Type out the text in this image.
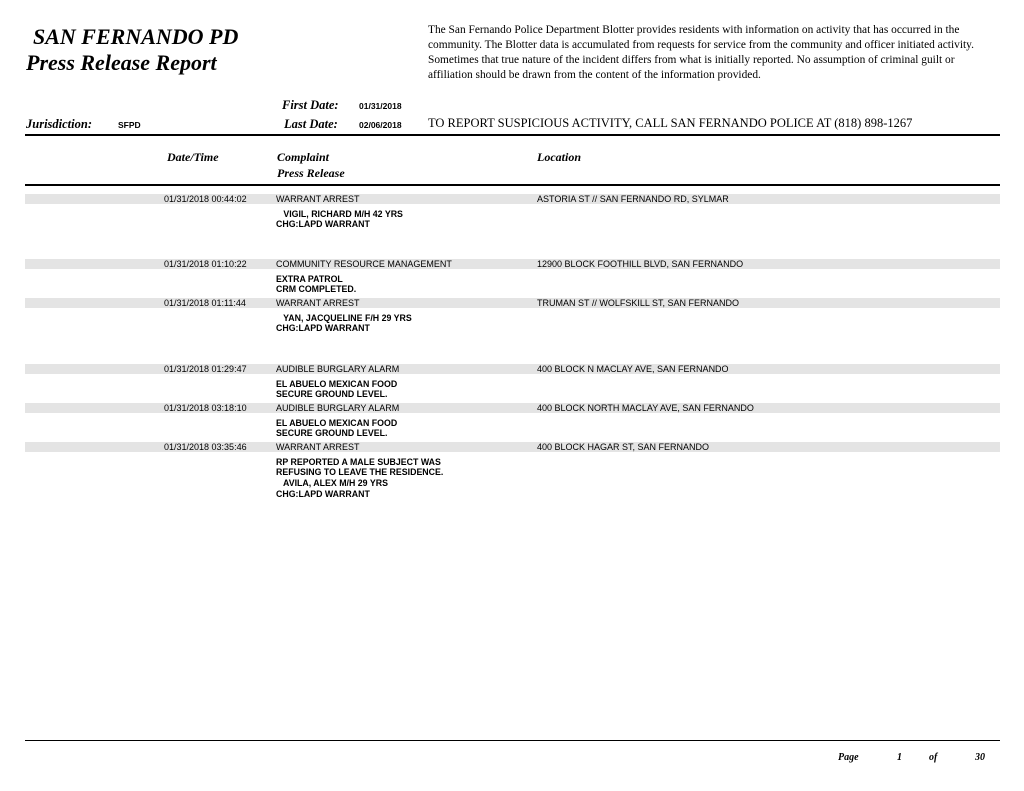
SAN FERNANDO PD
Press Release Report
The San Fernando Police Department Blotter provides residents with information on activity that has occurred in the community. The Blotter data is accumulated from requests for service from the community and officer initiated activity. Sometimes that true nature of the incident differs from what is initially reported. No assumption of criminal guilt or affiliation should be drawn from the content of the information provided.
Jurisdiction:	SFPD
First Date: 01/31/2018
Last Date: 02/06/2018 TO REPORT SUSPICIOUS ACTIVITY, CALL SAN FERNANDO POLICE AT (818) 898-1267
Date/Time	Complaint
Press Release
Location
01/31/2018 00:44:02	WARRANT ARREST	ASTORIA ST // SAN FERNANDO RD, SYLMAR
VIGIL, RICHARD M/H 42 YRS
CHG:LAPD WARRANT
01/31/2018 01:10:22	COMMUNITY RESOURCE MANAGEMENT	12900 BLOCK FOOTHILL BLVD, SAN FERNANDO
EXTRA PATROL
CRM COMPLETED.
01/31/2018 01:11:44	WARRANT ARREST	TRUMAN ST // WOLFSKILL ST, SAN FERNANDO
YAN, JACQUELINE F/H 29 YRS
CHG:LAPD WARRANT
01/31/2018 01:29:47	AUDIBLE BURGLARY ALARM	400 BLOCK N MACLAY AVE, SAN FERNANDO
EL ABUELO MEXICAN FOOD
SECURE GROUND LEVEL.
01/31/2018 03:18:10	AUDIBLE BURGLARY ALARM	400 BLOCK NORTH MACLAY AVE, SAN FERNANDO
EL ABUELO MEXICAN FOOD
SECURE GROUND LEVEL.
01/31/2018 03:35:46	WARRANT ARREST	400 BLOCK HAGAR ST, SAN FERNANDO
RP REPORTED A MALE SUBJECT WAS
REFUSING TO LEAVE THE RESIDENCE.
AVILA, ALEX M/H 29 YRS
CHG:LAPD WARRANT
Page	1	of	30
